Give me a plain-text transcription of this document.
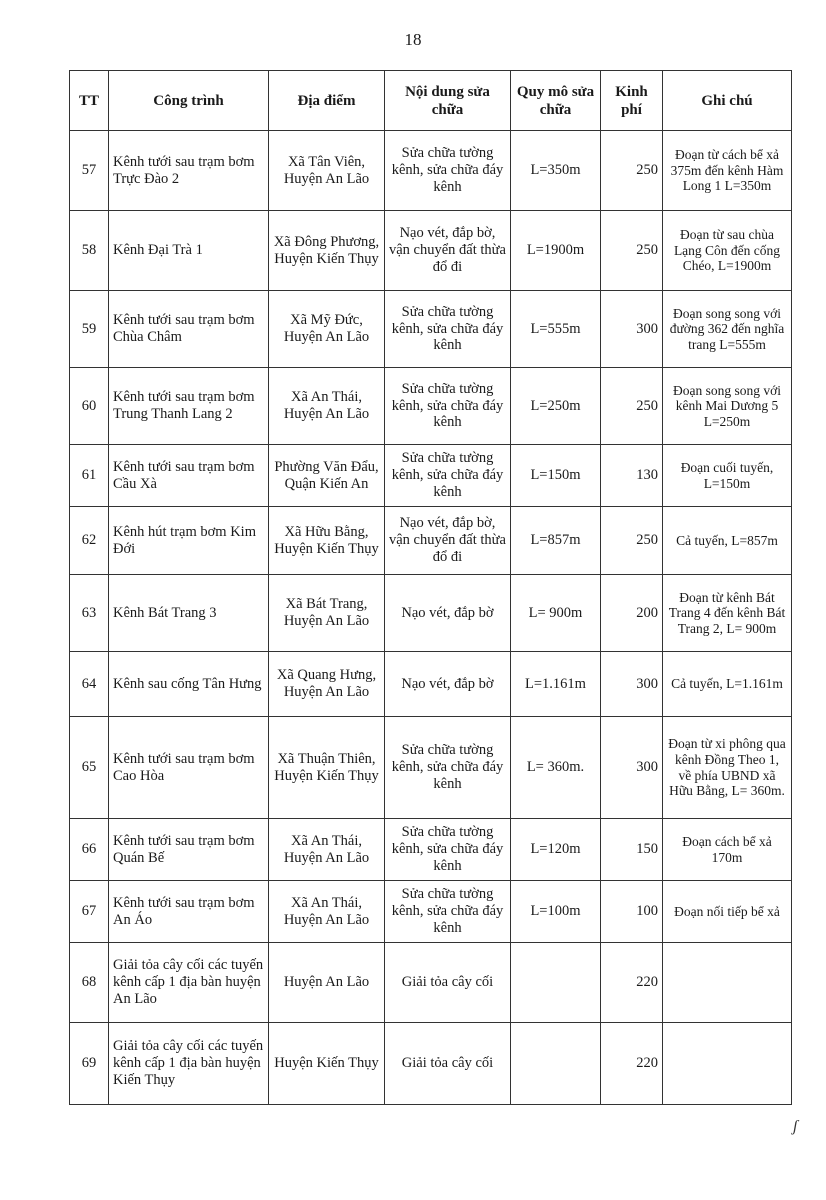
18
TT	Công trình	Địa điểm	Nội dung sửa chữa	Quy mô sửa chữa	Kinh phí	Ghi chú
57	Kênh tưới sau trạm bơm Trực Đào 2	Xã Tân Viên, Huyện An Lão	Sửa chữa tường kênh, sửa chữa đáy kênh	L=350m	250	Đoạn từ cách bể xả 375m đến kênh Hàm Long 1 L=350m
58	Kênh Đại Trà 1	Xã Đông Phương, Huyện Kiến Thụy	Nạo vét, đắp bờ, vận chuyển đất thừa đổ đi	L=1900m	250	Đoạn từ sau chùa Lạng Côn đến cống Chéo, L=1900m
59	Kênh tưới sau trạm bơm Chùa Châm	Xã Mỹ Đức, Huyện An Lão	Sửa chữa tường kênh, sửa chữa đáy kênh	L=555m	300	Đoạn song song với đường 362 đến nghĩa trang L=555m
60	Kênh tưới sau trạm bơm Trung Thanh Lang 2	Xã An Thái, Huyện An Lão	Sửa chữa tường kênh, sửa chữa đáy kênh	L=250m	250	Đoạn song song với kênh Mai Dương 5 L=250m
61	Kênh tưới sau trạm bơm Cầu Xà	Phường Văn Đẩu, Quận Kiến An	Sửa chữa tường kênh, sửa chữa đáy kênh	L=150m	130	Đoạn cuối tuyến, L=150m
62	Kênh hút trạm bơm Kim Đới	Xã Hữu Bằng, Huyện Kiến Thụy	Nạo vét, đắp bờ, vận chuyển đất thừa đổ đi	L=857m	250	Cả tuyến, L=857m
63	Kênh Bát Trang 3	Xã Bát Trang, Huyện An Lão	Nạo vét, đắp bờ	L= 900m	200	Đoạn từ kênh Bát Trang 4 đến kênh Bát Trang 2, L= 900m
64	Kênh sau cống Tân Hưng	Xã Quang Hưng, Huyện An Lão	Nạo vét, đắp bờ	L=1.161m	300	Cả tuyến, L=1.161m
65	Kênh tưới sau trạm bơm Cao Hòa	Xã Thuận Thiên, Huyện Kiến Thụy	Sửa chữa tường kênh, sửa chữa đáy kênh	L= 360m.	300	Đoạn từ xi phông qua kênh Đồng Theo 1, về phía UBND xã Hữu Bằng, L= 360m.
66	Kênh tưới sau trạm bơm Quán Bế	Xã An Thái, Huyện An Lão	Sửa chữa tường kênh, sửa chữa đáy kênh	L=120m	150	Đoạn cách bể xả 170m
67	Kênh tưới sau trạm bơm An Áo	Xã An Thái, Huyện An Lão	Sửa chữa tường kênh, sửa chữa đáy kênh	L=100m	100	Đoạn nối tiếp bể xả
68	Giải tỏa cây cối các tuyến kênh cấp 1 địa bàn huyện An Lão	Huyện An Lão	Giải tỏa cây cối		220	
69	Giải tỏa cây cối các tuyến kênh cấp 1 địa bàn huyện Kiến Thụy	Huyện Kiến Thụy	Giải tỏa cây cối		220	
ʃ
